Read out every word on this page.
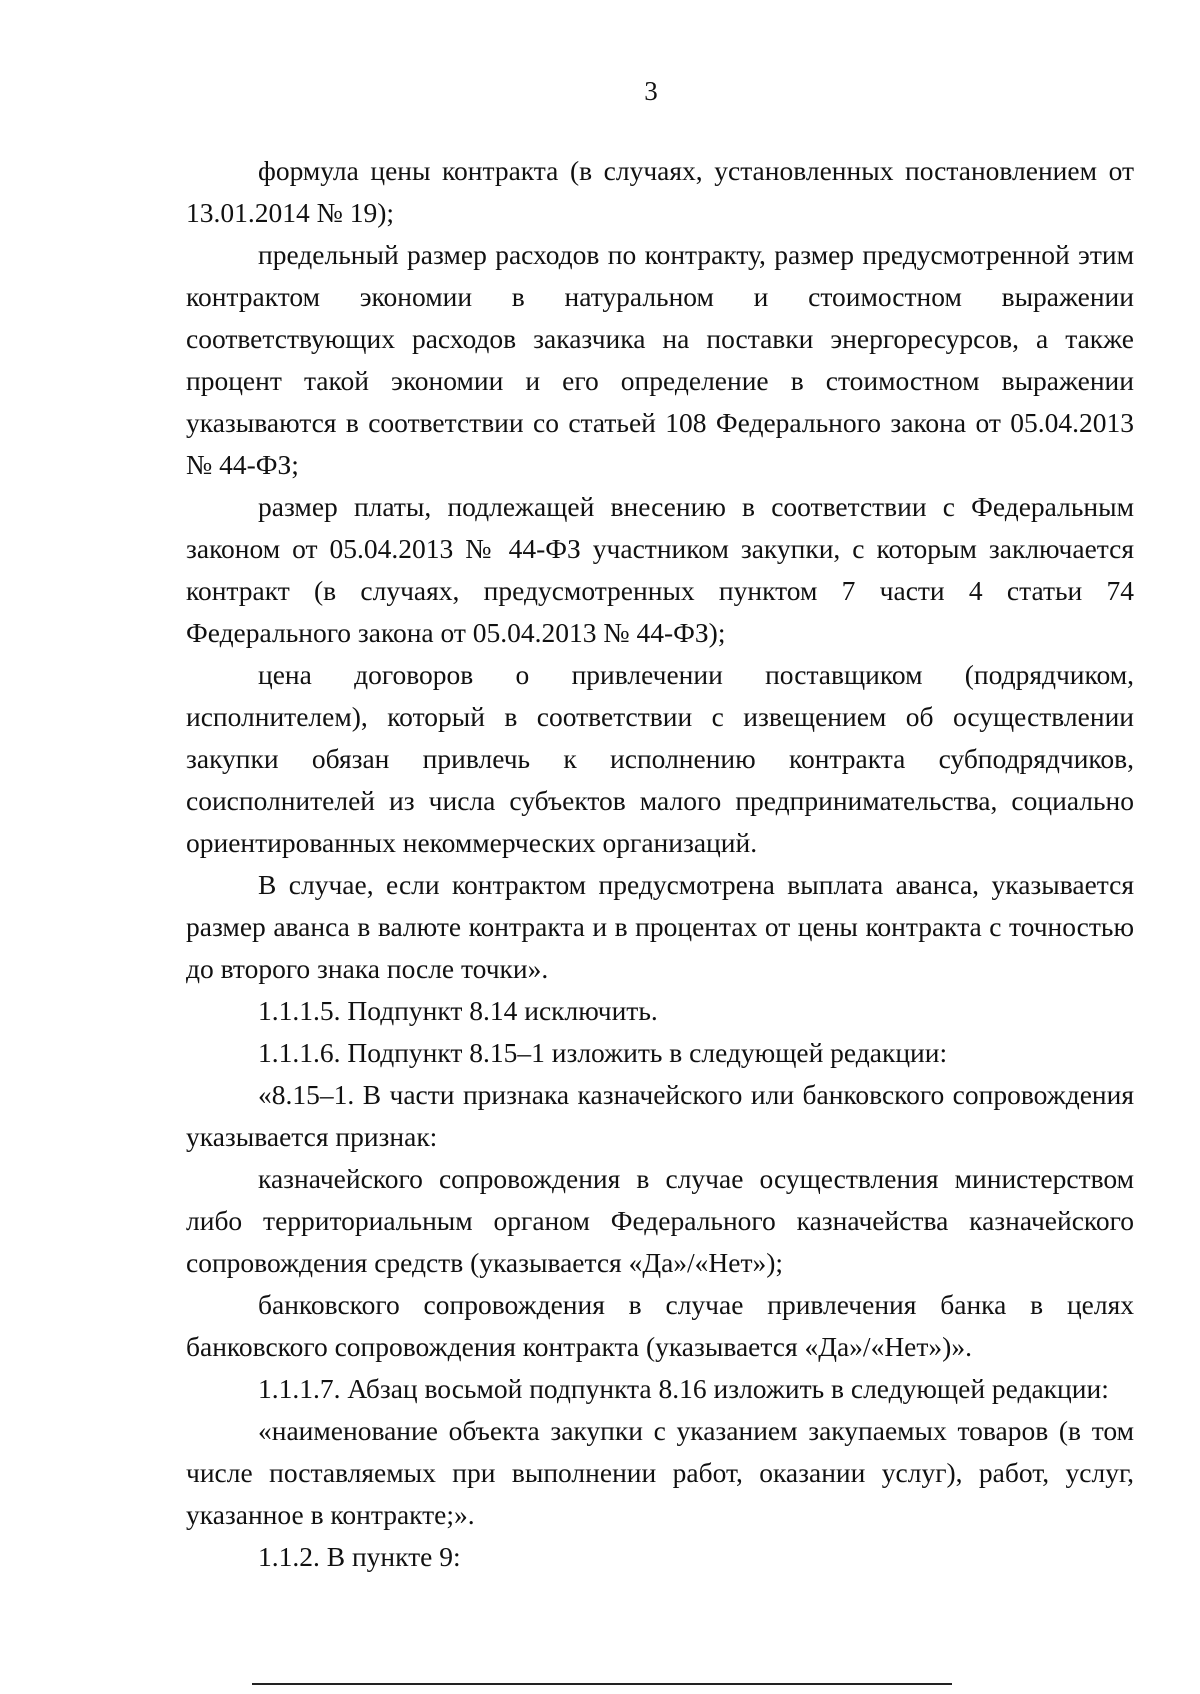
3

формула цены контракта (в случаях, установленных постановлением от 13.01.2014 № 19);

предельный размер расходов по контракту, размер предусмотренной этим контрактом экономии в натуральном и стоимостном выражении соответствующих расходов заказчика на поставки энергоресурсов, а также процент такой экономии и его определение в стоимостном выражении указываются в соответствии со статьей 108 Федерального закона от 05.04.2013 № 44-ФЗ;

размер платы, подлежащей внесению в соответствии с Федеральным законом от 05.04.2013 № 44-ФЗ участником закупки, с которым заключается контракт (в случаях, предусмотренных пунктом 7 части 4 статьи 74 Федерального закона от 05.04.2013 № 44-ФЗ);

цена договоров о привлечении поставщиком (подрядчиком, исполнителем), который в соответствии с извещением об осуществлении закупки обязан привлечь к исполнению контракта субподрядчиков, соисполнителей из числа субъектов малого предпринимательства, социально ориентированных некоммерческих организаций.

В случае, если контрактом предусмотрена выплата аванса, указывается размер аванса в валюте контракта и в процентах от цены контракта с точностью до второго знака после точки».

1.1.1.5. Подпункт 8.14 исключить.

1.1.1.6. Подпункт 8.15–1 изложить в следующей редакции:

«8.15–1. В части признака казначейского или банковского сопровождения указывается признак:

казначейского сопровождения в случае осуществления министерством либо территориальным органом Федерального казначейства казначейского сопровождения средств (указывается «Да»/«Нет»);

банковского сопровождения в случае привлечения банка в целях банковского сопровождения контракта (указывается «Да»/«Нет»)».

1.1.1.7. Абзац восьмой подпункта 8.16 изложить в следующей редакции:

«наименование объекта закупки с указанием закупаемых товаров (в том числе поставляемых при выполнении работ, оказании услуг), работ, услуг, указанное в контракте;».

1.1.2. В пункте 9:
